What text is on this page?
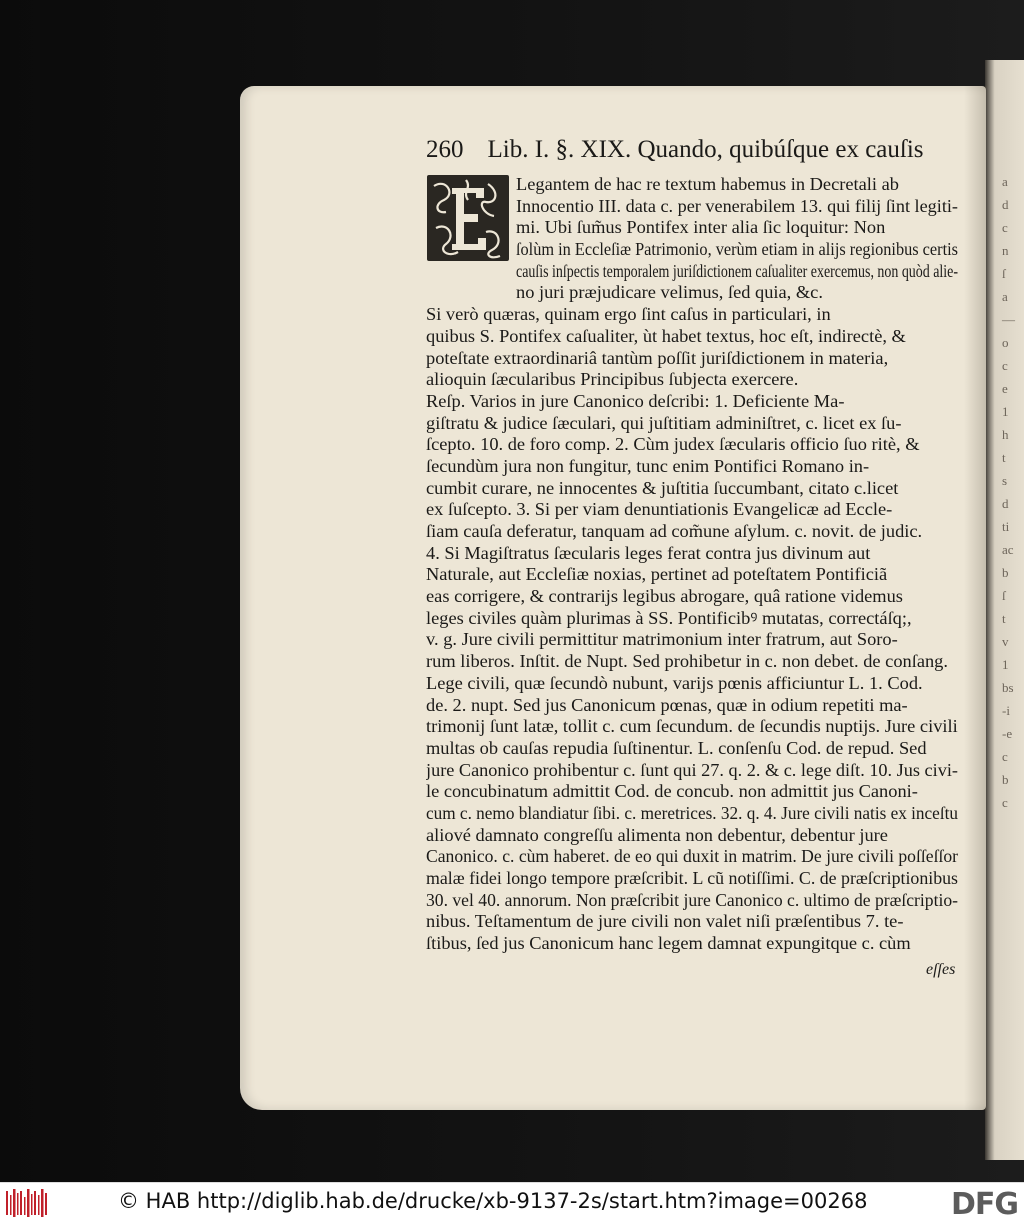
a
d
c
n
ſ
a
—
o
c
e
1
h
t
s
d
ti
ac
b
ſ
t
v
1
bs
-i
-e
c
b
c
260 Lib. I. §. XIX. Quando, quibúſque ex cauſis
Legantem de hac re textum habemus in Decretali ab
Innocentio III. data c. per venerabilem 13. qui filij ſint legiti-
mi. Ubi ſum̃us Pontifex inter alia ſic loquitur: Non
ſolùm in Eccleſiæ Patrimonio, verùm etiam in alijs regionibus certis
cauſis inſpectis temporalem juriſdictionem caſualiter exercemus, non quòd alie-
no juri præjudicare velimus, ſed quia, &c.
Si verò quæras, quinam ergo ſint caſus in particulari, in
quibus S. Pontifex caſualiter, ùt habet textus, hoc eſt, indirectè, &
poteſtate extraordinariâ tantùm poſſit juriſdictionem in materia,
alioquin ſæcularibus Principibus ſubjecta exercere.
Reſp. Varios in jure Canonico deſcribi: 1. Deficiente Ma-
giſtratu & judice ſæculari, qui juſtitiam adminiſtret, c. licet ex ſu-
ſcepto. 10. de foro comp. 2. Cùm judex ſæcularis officio ſuo ritè, &
ſecundùm jura non fungitur, tunc enim Pontifici Romano in-
cumbit curare, ne innocentes & juſtitia ſuccumbant, citato c.licet
ex ſuſcepto. 3. Si per viam denuntiationis Evangelicæ ad Eccle-
ſiam cauſa deferatur, tanquam ad com̃une aſylum. c. novit. de judic.
4. Si Magiſtratus ſæcularis leges ferat contra jus divinum aut
Naturale, aut Eccleſiæ noxias, pertinet ad poteſtatem Pontificiã
eas corrigere, & contrarijs legibus abrogare, quâ ratione videmus
leges civiles quàm plurimas à SS. Pontificibꝰ mutatas, correctáſq;,
v. g. Jure civili permittitur matrimonium inter fratrum, aut Soro-
rum liberos. Inſtit. de Nupt. Sed prohibetur in c. non debet. de conſang.
Lege civili, quæ ſecundò nubunt, varijs pœnis afficiuntur L. 1. Cod.
de. 2. nupt. Sed jus Canonicum pœnas, quæ in odium repetiti ma-
trimonij ſunt latæ, tollit c. cum ſecundum. de ſecundis nuptijs. Jure civili
multas ob cauſas repudia ſuſtinentur. L. conſenſu Cod. de repud. Sed
jure Canonico prohibentur c. ſunt qui 27. q. 2. & c. lege diſt. 10. Jus civi-
le concubinatum admittit Cod. de concub. non admittit jus Canoni-
cum c. nemo blandiatur ſibi. c. meretrices. 32. q. 4. Jure civili natis ex inceſtu
aliové damnato congreſſu alimenta non debentur, debentur jure
Canonico. c. cùm haberet. de eo qui duxit in matrim. De jure civili poſſeſſor
malæ fidei longo tempore præſcribit. L cũ notiſſimi. C. de præſcriptionibus
30. vel 40. annorum. Non præſcribit jure Canonico c. ultimo de præſcriptio-
nibus. Teſtamentum de jure civili non valet niſi præſentibus 7. te-
ſtibus, ſed jus Canonicum hanc legem damnat expungitque c. cùm
eſſes
© HAB http://diglib.hab.de/drucke/xb-9137-2s/start.htm?image=00268	DFG
